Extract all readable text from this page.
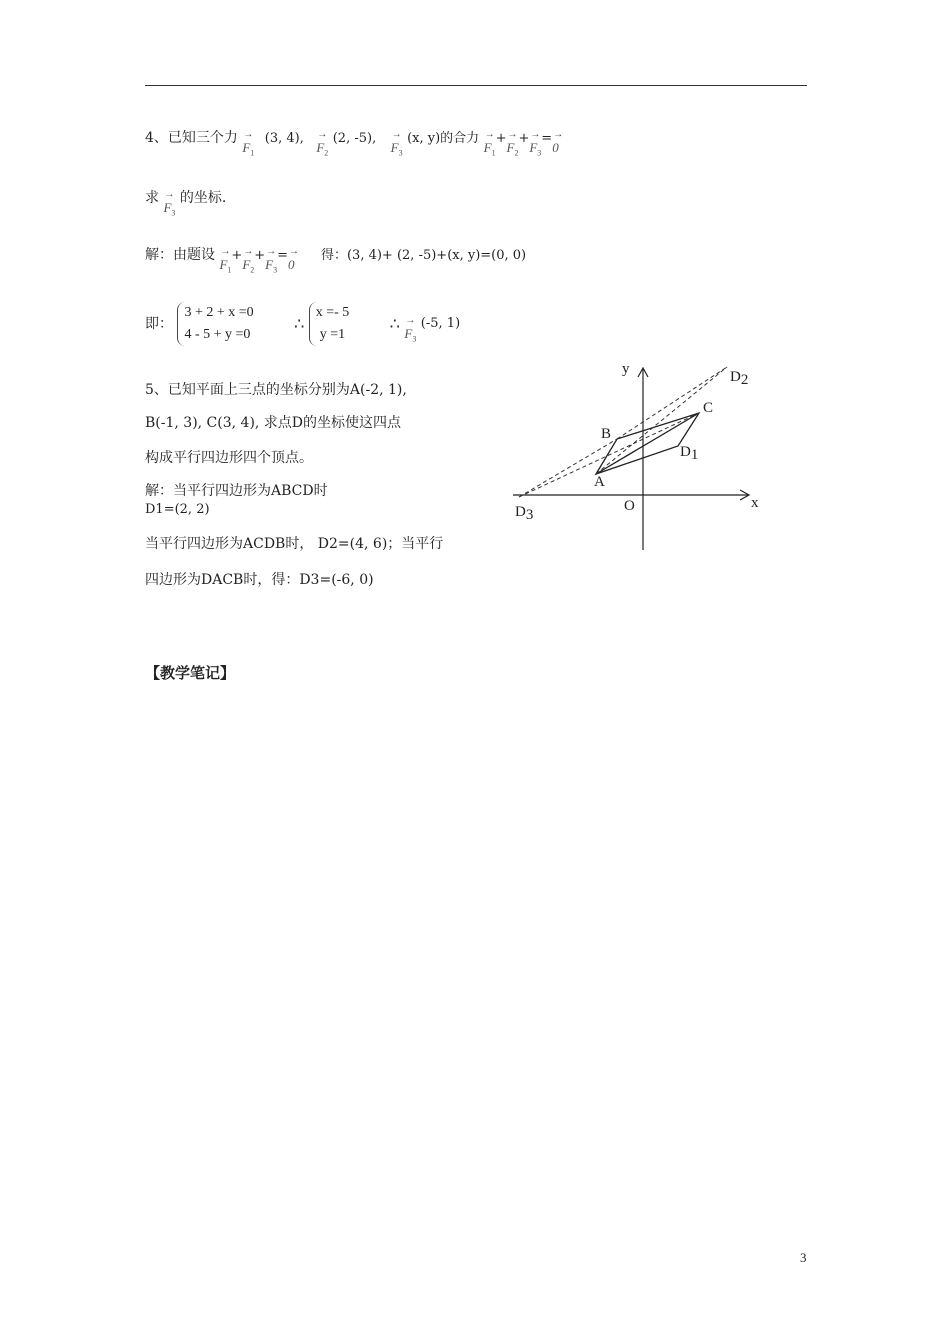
4、已知三个力 → $F_1$ (3, 4), → $F_2$ (2, -5), → $F_3$ (x, y)的合力 → $F_1+\to F_2+\to F_3=\to 0$
求 → $F_3$ 的坐标.
解：由题设 → $F_1+\to F_2+\to F_3=\to 0$ 得：(3, 4)+ (2, -5)+(x, y)=(0, 0)
即：
3 + 2 + x =0
4 - 5 + y =0
∴
x =- 5
y =1
∴ → $F_3$ (-5, 1)
5、已知平面上三点的坐标分别为A(-2, 1),
B(-1, 3), C(3, 4), 求点D的坐标使这四点
构成平行四边形四个顶点。
解：当平行四边形为ABCD时
D1=(2, 2)
当平行四边形为ACDB时， D2=(4, 6)；当平行
四边形为DACB时，得：D3=(-6, 0)
y
x
O
A
B
C
D1
D2
D3
【教学笔记】
3
